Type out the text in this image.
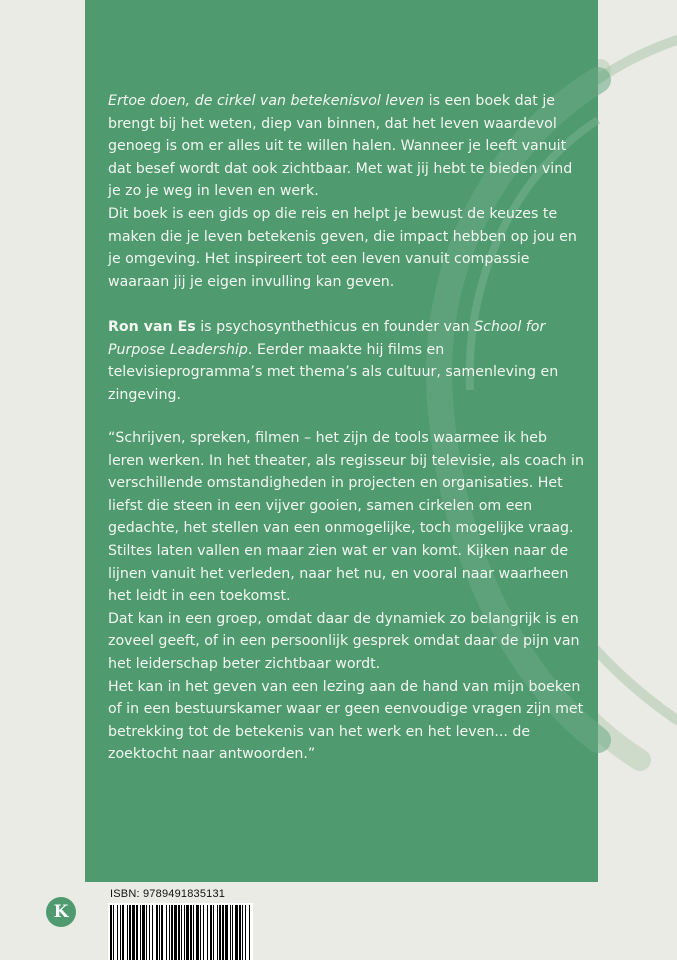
Ertoe doen, de cirkel van betekenisvol leven is een boek dat je brengt bij het weten, diep van binnen, dat het leven waardevol genoeg is om er alles uit te willen halen. Wanneer je leeft vanuit dat besef wordt dat ook zichtbaar. Met wat jij hebt te bieden vind je zo je weg in leven en werk.

Dit boek is een gids op die reis en helpt je bewust de keuzes te maken die je leven betekenis geven, die impact hebben op jou en je omgeving. Het inspireert tot een leven vanuit compassie waaraan jij je eigen invulling kan geven.

Ron van Es is psychosynthethicus en founder van School for Purpose Leadership. Eerder maakte hij films en televisieprogramma’s met thema’s als cultuur, samenleving en zingeving.

“Schrijven, spreken, filmen – het zijn de tools waarmee ik heb leren werken. In het theater, als regisseur bij televisie, als coach in verschillende omstandigheden in projecten en organisaties. Het liefst die steen in een vijver gooien, samen cirkelen om een gedachte, het stellen van een onmogelijke, toch mogelijke vraag. Stiltes laten vallen en maar zien wat er van komt. Kijken naar de lijnen vanuit het verleden, naar het nu, en vooral naar waarheen het leidt in een toekomst.

Dat kan in een groep, omdat daar de dynamiek zo belangrijk is en zoveel geeft, of in een persoonlijk gesprek omdat daar de pijn van het leiderschap beter zichtbaar wordt.

Het kan in het geven van een lezing aan de hand van mijn boeken of in een bestuurskamer waar er geen eenvoudige vragen zijn met betrekking tot de betekenis van het werk en het leven... de zoektocht naar antwoorden.”

K
ISBN: 9789491835131
